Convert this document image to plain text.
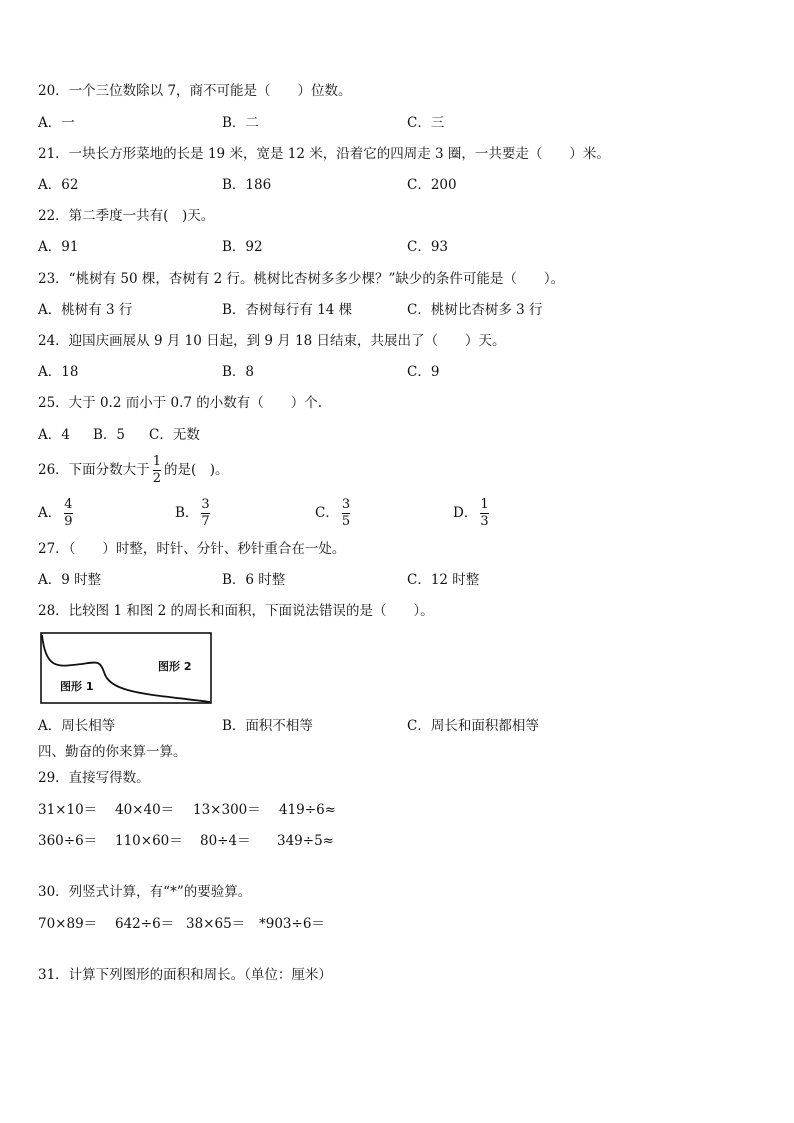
20．一个三位数除以 7，商不可能是（　　）位数。
A．一	B．二	C．三
21．一块长方形菜地的长是 19 米，宽是 12 米，沿着它的四周走 3 圈，一共要走（　　）米。
A．62	B．186	C．200
22．第二季度一共有(　)天。
A．91	B．92	C．93
23．“桃树有 50 棵，杏树有 2 行。桃树比杏树多多少棵？”缺少的条件可能是（　　）。
A．桃树有 3 行	B．杏树每行有 14 棵	C．桃树比杏树多 3 行
24．迎国庆画展从 9 月 10 日起，到 9 月 18 日结束，共展出了（　　）天。
A．18	B．8	C．9
25．大于 0.2 而小于 0.7 的小数有（　　）个.
A．4 B．5 C．无数
26．下面分数大于 $\frac{1}{2}$ 的是(　)。
A． $\frac{4}{9}$	B． $\frac{3}{7}$	C． $\frac{3}{5}$	D． $\frac{1}{3}$
27．（　　）时整，时针、分针、秒针重合在一处。
A．9 时整	B．6 时整	C．12 时整
28．比较图 1 和图 2 的周长和面积，下面说法错误的是（　　）。
图形 2
图形 1
A．周长相等	B．面积不相等	C．周长和面积都相等
四、勤奋的你来算一算。
29．直接写得数。
31×10＝ 40×40＝ 13×300＝ 419÷6≈
360÷6＝ 110×60＝ 80÷4＝ 349÷5≈
30．列竖式计算，有“*”的要验算。
70×89＝ 642÷6＝ 38×65＝ *903÷6＝
31．计算下列图形的面积和周长。（单位：厘米）
